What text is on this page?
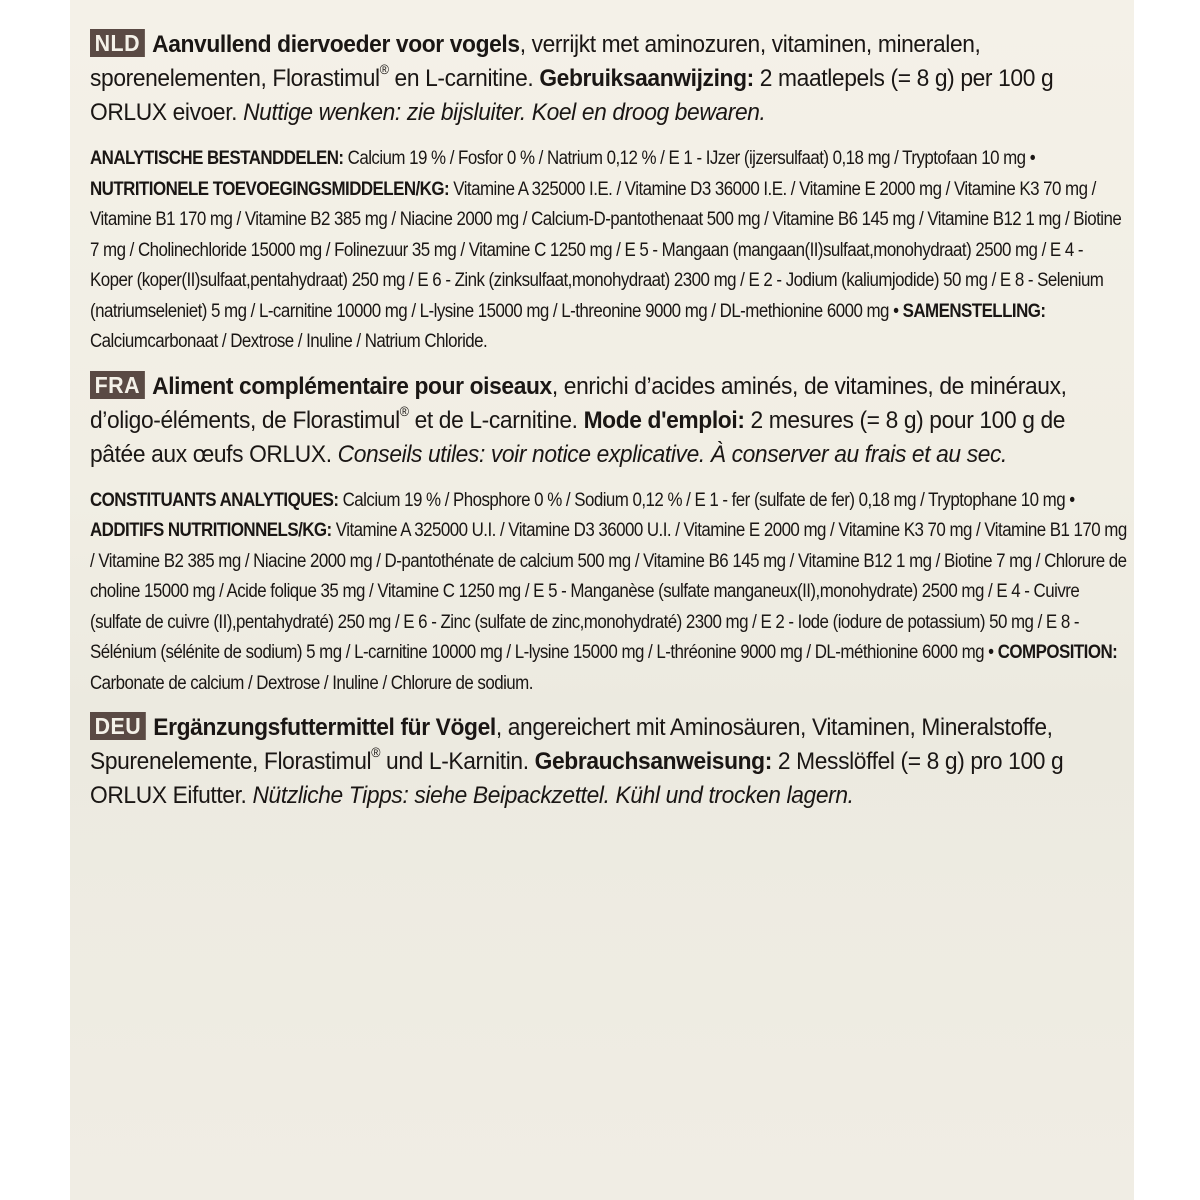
NLD Aanvullend diervoeder voor vogels, verrijkt met aminozuren, vitaminen, mineralen, sporenelementen, Florastimul® en L-carnitine. Gebruiksaanwijzing: 2 maatlepels (= 8 g) per 100 g ORLUX eivoer. Nuttige wenken: zie bijsluiter. Koel en droog bewaren.

ANALYTISCHE BESTANDDELEN: Calcium 19 % / Fosfor 0 % / Natrium 0,12 % / E 1 - IJzer (ijzersulfaat) 0,18 mg / Tryptofaan 10 mg • NUTRITIONELE TOEVOEGINGSMIDDELEN/KG: Vitamine A 325000 I.E. / Vitamine D3 36000 I.E. / Vitamine E 2000 mg / Vitamine K3 70 mg / Vitamine B1 170 mg / Vitamine B2 385 mg / Niacine 2000 mg / Calcium-D-pantothenaat 500 mg / Vitamine B6 145 mg / Vitamine B12 1 mg / Biotine 7 mg / Cholinechloride 15000 mg / Folinezuur 35 mg / Vitamine C 1250 mg / E 5 - Mangaan (mangaan(II)sulfaat,monohydraat) 2500 mg / E 4 - Koper (koper(II)sulfaat,pentahydraat) 250 mg / E 6 - Zink (zinksulfaat,monohydraat) 2300 mg / E 2 - Jodium (kaliumjodide) 50 mg / E 8 - Selenium (natriumseleniet) 5 mg / L-carnitine 10000 mg / L-lysine 15000 mg / L-threonine 9000 mg / DL-methionine 6000 mg • SAMENSTELLING: Calciumcarbonaat / Dextrose / Inuline / Natrium Chloride.

FRA Aliment complémentaire pour oiseaux, enrichi d’acides aminés, de vitamines, de minéraux, d’oligo-éléments, de Florastimul® et de L-carnitine. Mode d'emploi: 2 mesures (= 8 g) pour 100 g de pâtée aux œufs ORLUX. Conseils utiles: voir notice explicative. À conserver au frais et au sec.

CONSTITUANTS ANALYTIQUES: Calcium 19 % / Phosphore 0 % / Sodium 0,12 % / E 1 - fer (sulfate de fer) 0,18 mg / Tryptophane 10 mg • ADDITIFS NUTRITIONNELS/KG: Vitamine A 325000 U.I. / Vitamine D3 36000 U.I. / Vitamine E 2000 mg / Vitamine K3 70 mg / Vitamine B1 170 mg / Vitamine B2 385 mg / Niacine 2000 mg / D-pantothénate de calcium 500 mg / Vitamine B6 145 mg / Vitamine B12 1 mg / Biotine 7 mg / Chlorure de choline 15000 mg / Acide folique 35 mg / Vitamine C 1250 mg / E 5 - Manganèse (sulfate manganeux(II),monohydrate) 2500 mg / E 4 - Cuivre (sulfate de cuivre (II),pentahydraté) 250 mg / E 6 - Zinc (sulfate de zinc,monohydraté) 2300 mg / E 2 - Iode (iodure de potassium) 50 mg / E 8 - Sélénium (sélénite de sodium) 5 mg / L-carnitine 10000 mg / L-lysine 15000 mg / L-thréonine 9000 mg / DL-méthionine 6000 mg • COMPOSITION: Carbonate de calcium / Dextrose / Inuline / Chlorure de sodium.

DEU Ergänzungsfuttermittel für Vögel, angereichert mit Aminosäuren, Vitaminen, Mineralstoffe, Spurenelemente, Florastimul® und L-Karnitin. Gebrauchsanweisung: 2 Messlöffel (= 8 g) pro 100 g ORLUX Eifutter. Nützliche Tipps: siehe Beipackzettel. Kühl und trocken lagern.
